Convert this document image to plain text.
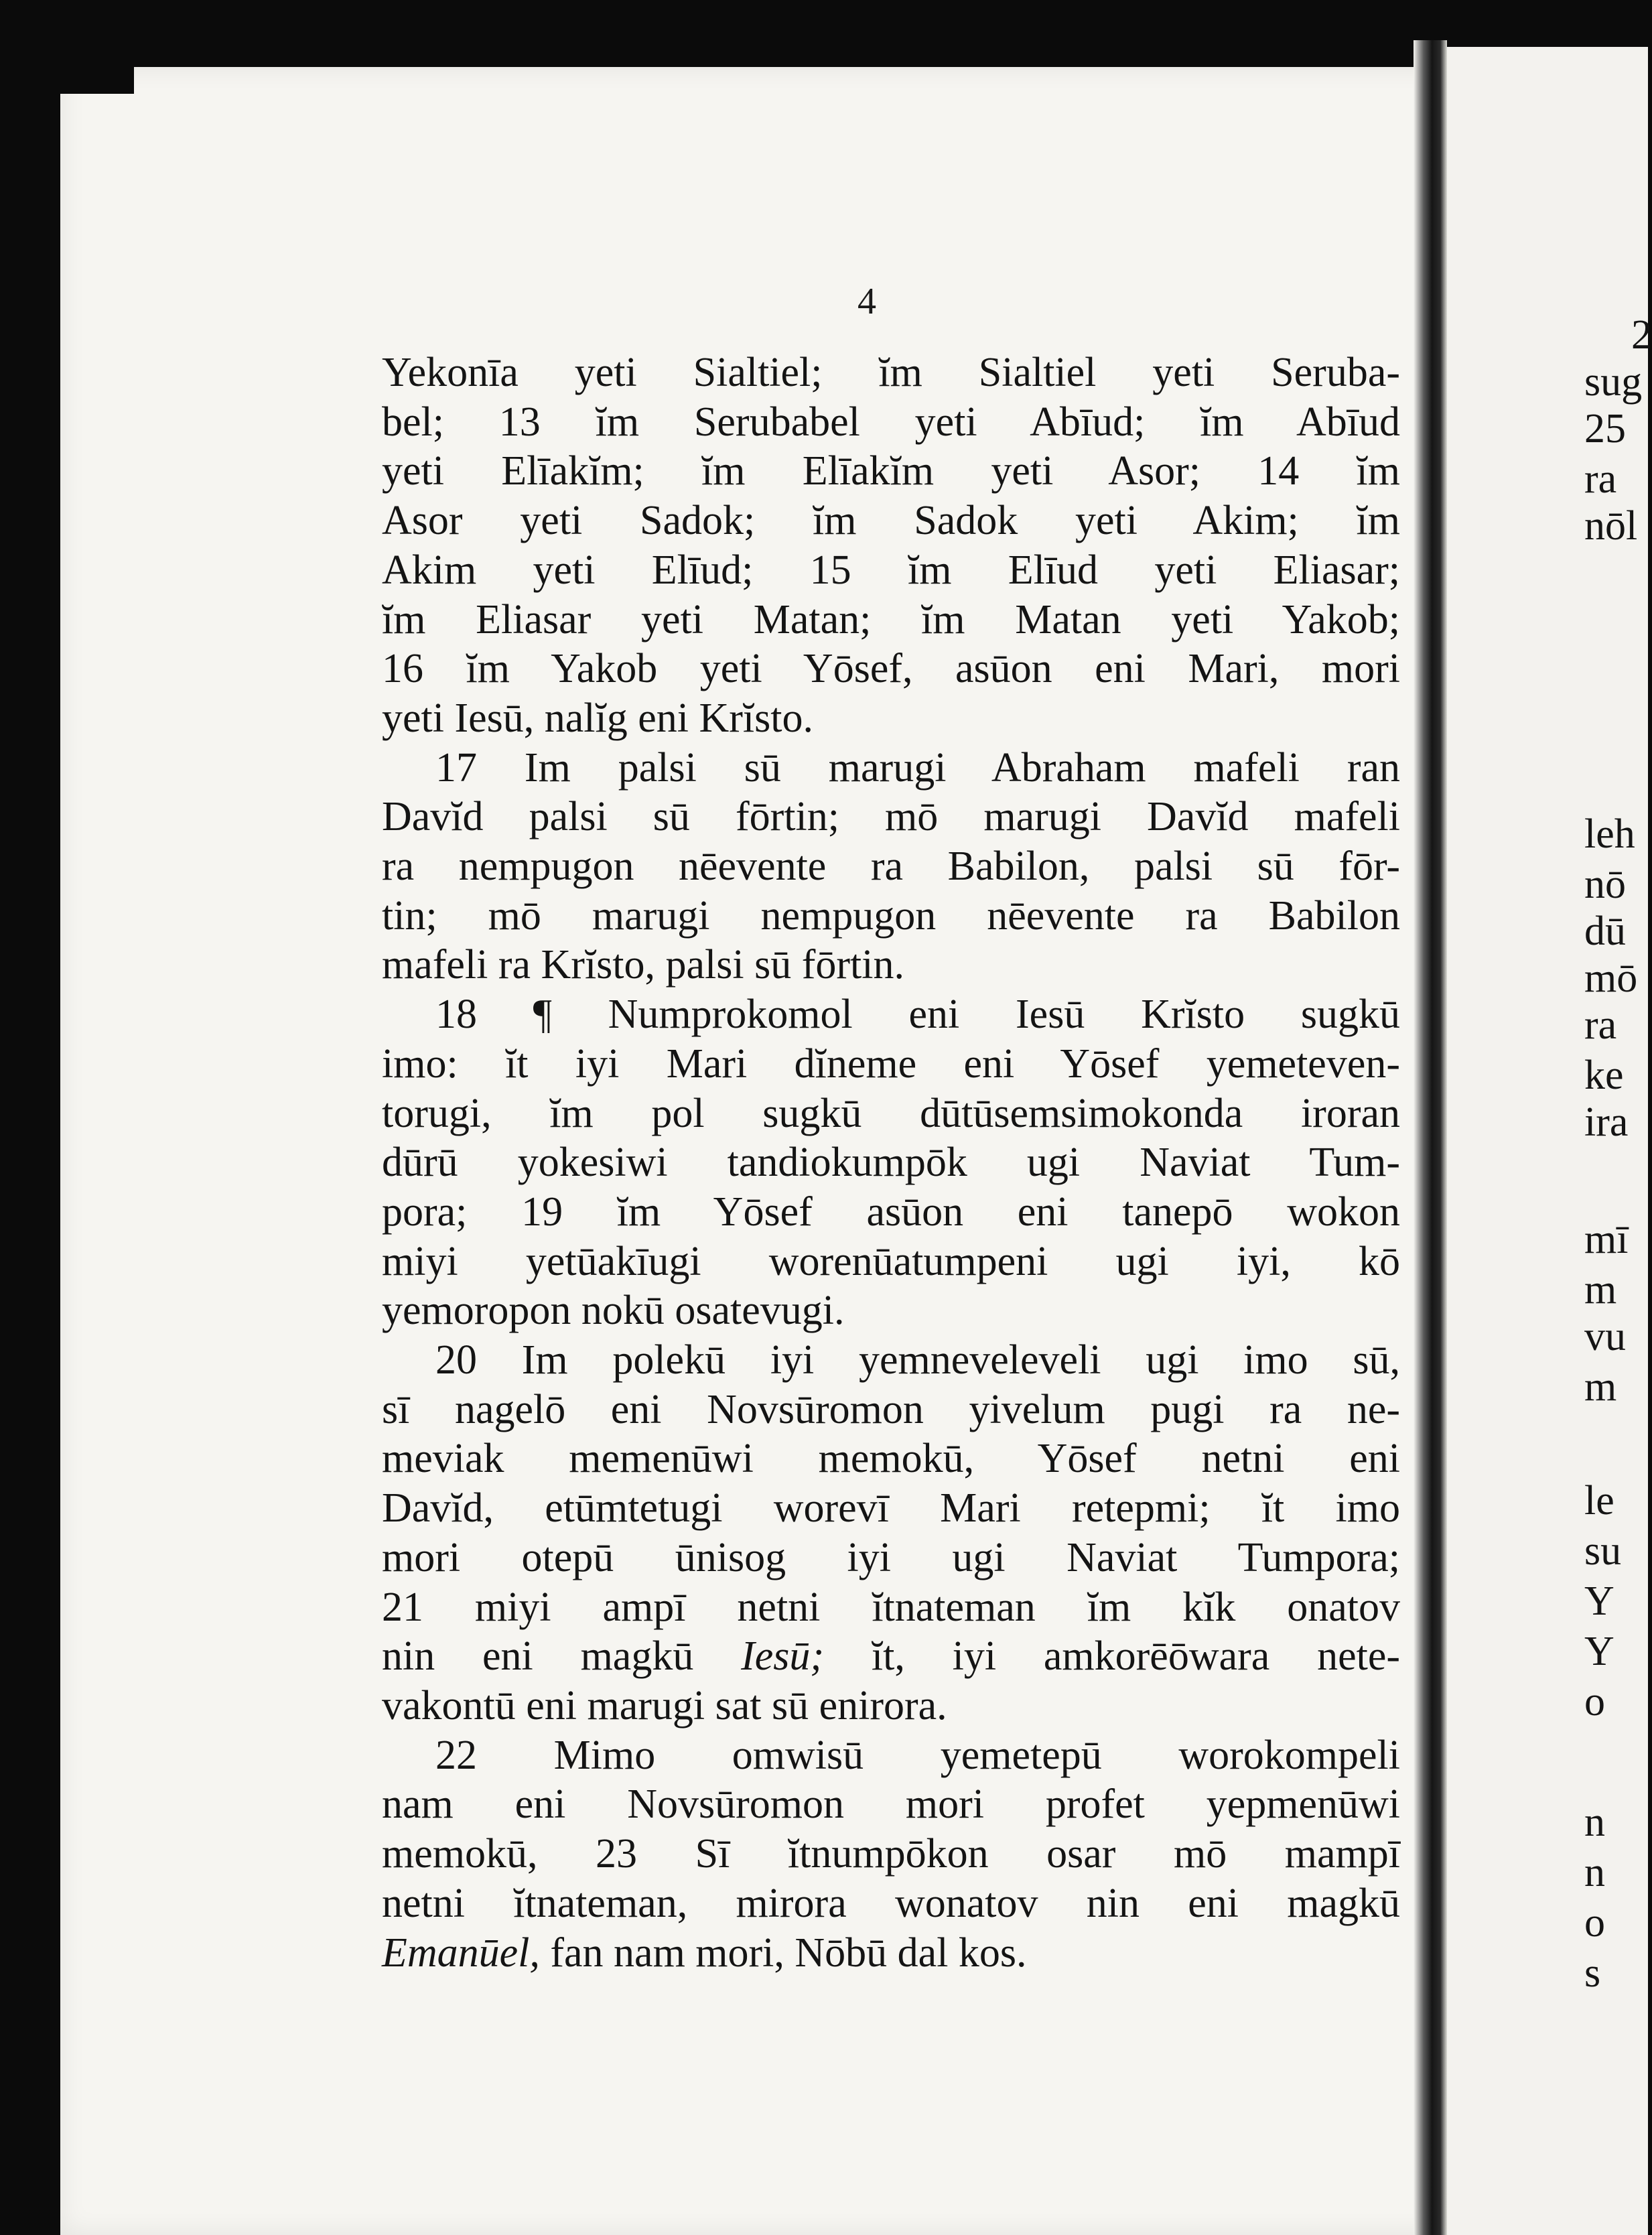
4
Yekonīa yeti Sialtiel; ĭm Sialtiel yeti Seruba-
bel; 13 ĭm Serubabel yeti Abīud; ĭm Abīud
yeti Elīakĭm; ĭm Elīakĭm yeti Asor; 14 ĭm
Asor yeti Sadok; ĭm Sadok yeti Akim; ĭm
Akim yeti Elīud; 15 ĭm Elīud yeti Eliasar;
ĭm Eliasar yeti Matan; ĭm Matan yeti Yakob;
16 ĭm Yakob yeti Yōsef, asūon eni Mari, mori
yeti Iesū, nalĭg eni Krĭsto.
17 Im palsi sū marugi Abraham mafeli ran
Davĭd palsi sū fōrtin; mō marugi Davĭd mafeli
ra nempugon nēevente ra Babilon, palsi sū fōr-
tin; mō marugi nempugon nēevente ra Babilon
mafeli ra Krĭsto, palsi sū fōrtin.
18 ¶ Numprokomol eni Iesū Krĭsto sugkū
imo: ĭt iyi Mari dĭneme eni Yōsef yemeteven-
torugi, ĭm pol sugkū dūtūsemsimokonda iroran
dūrū yokesiwi tandiokumpōk ugi Naviat Tum-
pora; 19 ĭm Yōsef asūon eni tanepō wokon
miyi yetūakīugi worenūatumpeni ugi iyi, kō
yemoropon nokū osatevugi.
20 Im polekū iyi yemneveleveli ugi imo sū,
sī nagelō eni Novsūromon yivelum pugi ra ne-
meviak memenūwi memokū, Yōsef netni eni
Davĭd, etūmtetugi worevī Mari retepmi; ĭt imo
mori otepū ūnisog iyi ugi Naviat Tumpora;
21 miyi ampī netni ĭtnateman ĭm kĭk onatov
nin eni magkū Iesū; ĭt, iyi amkorēōwara nete-
vakontū eni marugi sat sū enirora.
22 Mimo omwisū yemetepū worokompeli
nam eni Novsūromon mori profet yepmenūwi
memokū, 23 Sī ĭtnumpōkon osar mō mampī
netni ĭtnateman, mirora wonatov nin eni magkū
Emanūel, fan nam mori, Nōbū dal kos.
2
sug
25
ra
nōl
leh
nō
dū
mō
ra
ke
ira
mī
m
vu
m
le
su
Y
Y
o
n
n
o
s
